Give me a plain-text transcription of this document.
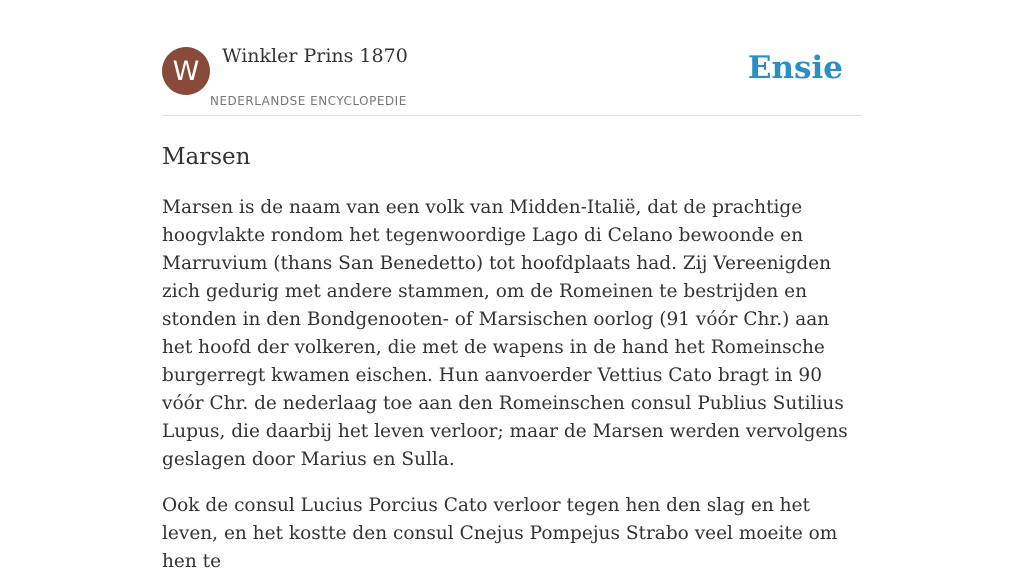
W Winkler Prins 1870
NEDERLANDSE ENCYCLOPEDIE
Ensie
Marsen

Marsen is de naam van een volk van Midden-Italië, dat de prachtige hoogvlakte rondom het tegenwoordige Lago di Celano bewoonde en Marruvium (thans San Benedetto) tot hoofdplaats had. Zij Vereenigden zich gedurig met andere stammen, om de Romeinen te bestrijden en stonden in den Bondgenooten- of Marsischen oorlog (91 vóór Chr.) aan het hoofd der volkeren, die met de wapens in de hand het Romeinsche burgerregt kwamen eischen. Hun aanvoerder Vettius Cato bragt in 90 vóór Chr. de nederlaag toe aan den Romeinschen consul Publius Sutilius Lupus, die daarbij het leven verloor; maar de Marsen werden vervolgens geslagen door Marius en Sulla.

Ook de consul Lucius Porcius Cato verloor tegen hen den slag en het leven, en het kostte den consul Cnejus Pompejus Strabo veel moeite om hen te
